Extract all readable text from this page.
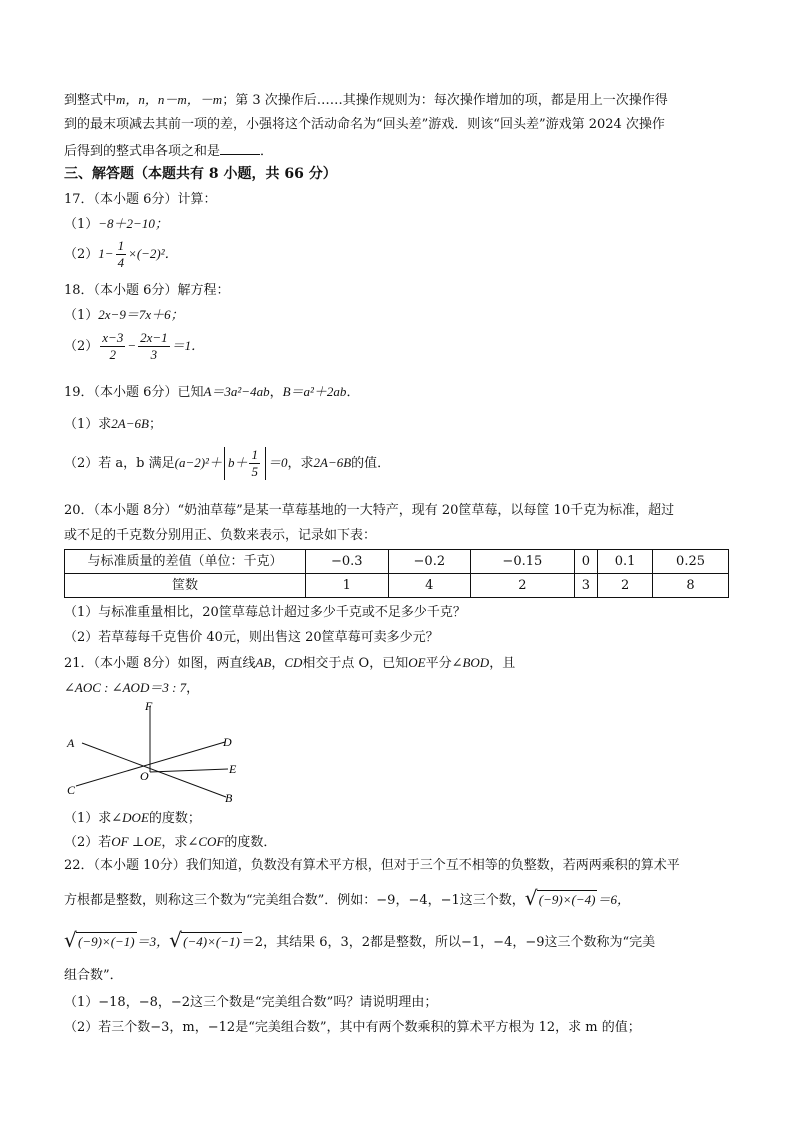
到整式中m，n，n－m，－m；第 3 次操作后……其操作规则为：每次操作增加的项，都是用上一次操作得
到的最末项减去其前一项的差，小强将这个活动命名为“回头差”游戏．则该“回头差”游戏第 2024 次操作
后得到的整式串各项之和是	．
三、解答题（本题共有 8 小题，共 66 分）
17．（本小题 6分）计算：
（1）−8＋2−10；
$(2)1- \frac{1}{4} \times(-2)^2$．
18．（本小题 6分）解方程：
（1）2x−9＝7x＋6；
$(2) \frac{x-3}{2} - \frac{2x-1}{3} =1$．
19．（本小题 6分）已知A＝3a²−4ab，B＝a²＋2ab．
（1）求2A−6B；
（2）若 a，b 满足$(a-2)^2+ b+ \frac{1}{5} =0$，求2A−6B的值．
20．（本小题 8分）“奶油草莓”是某一草莓基地的一大特产，现有 20筐草莓，以每筐 10千克为标准，超过
或不足的千克数分别用正、负数来表示，记录如下表：
与标准质量的差值（单位：千克）	−0.3	−0.2	−0.15	0	0.1	0.25
筐数	1	4	2	3	2	8
（1）与标准重量相比，20筐草莓总计超过多少千克或不足多少千克？
（2）若草莓每千克售价 40元，则出售这 20筐草莓可卖多少元？
21．（本小题 8分）如图，两直线AB，CD相交于点 O，已知OE平分∠BOD，且
∠AOC : ∠AOD＝3 : 7，
F
A	D
E
O
C
B
（1）求∠DOE的度数；
（2）若OF ⊥OE，求∠COF的度数．
22．（本小题 10分）我们知道，负数没有算术平方根，但对于三个互不相等的负整数，若两两乘积的算术平
方根都是整数，则称这三个数为“完美组合数”．例如：−9，−4，−1这三个数， √ (−9)×(−4) ＝6，
√ (−9)×(−1) ＝3， √ (−4)×(−1) ＝2，其结果 6，3，2都是整数，所以−1，−4，−9这三个数称为“完美
组合数”．
（1）−18，−8，−2这三个数是“完美组合数”吗？请说明理由；
（2）若三个数−3，m，−12是“完美组合数”，其中有两个数乘积的算术平方根为 12，求 m 的值；
